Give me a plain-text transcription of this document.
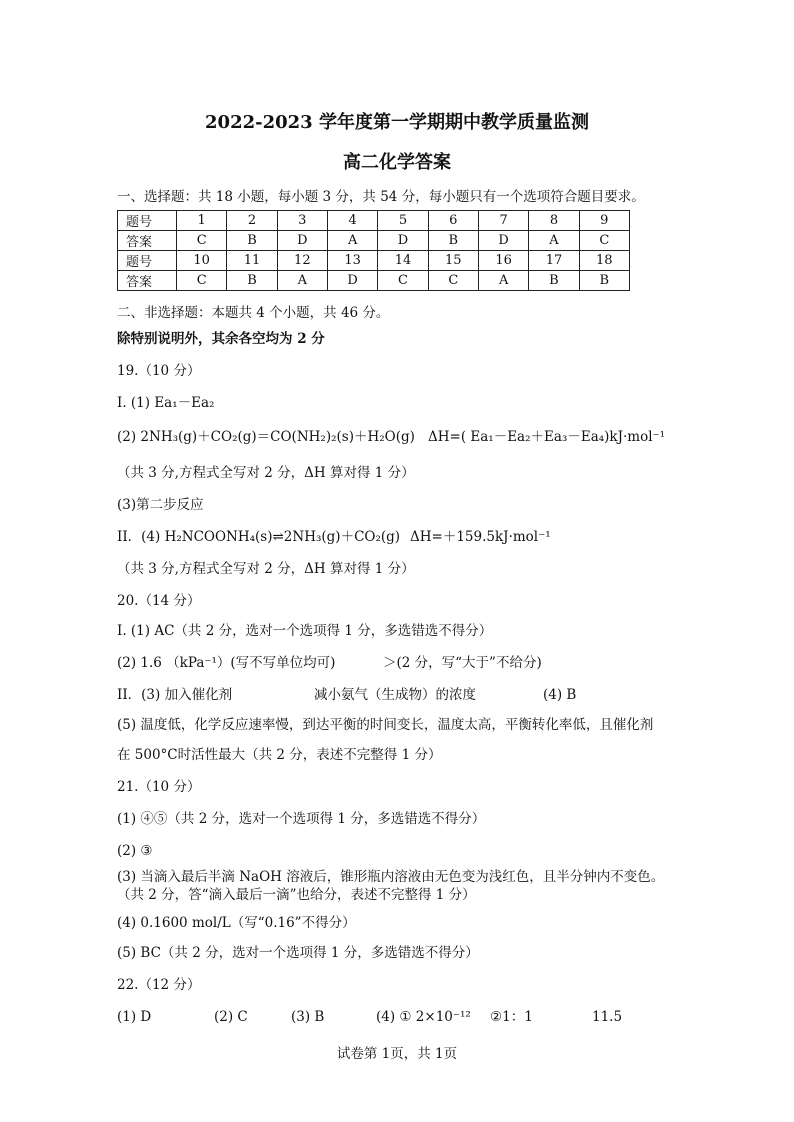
2022-2023 学年度第一学期期中教学质量监测
高二化学答案
一、选择题：共 18 小题，每小题 3 分，共 54 分，每小题只有一个选项符合题目要求。
题号	1	2	3	4	5	6	7	8	9
答案	C	B	D	A	D	B	D	A	C
题号	10	11	12	13	14	15	16	17	18
答案	C	B	A	D	C	C	A	B	B
二、非选择题：本题共 4 个小题，共 46 分。
除特别说明外，其余各空均为 2 分
19.（10 分）
I. (1) Ea₁－Ea₂
(2) 2NH₃(g)＋CO₂(g)＝CO(NH₂)₂(s)＋H₂O(g) ΔH=( Ea₁－Ea₂＋Ea₃－Ea₄)kJ·mol⁻¹
（共 3 分,方程式全写对 2 分，ΔH 算对得 1 分）
(3)第二步反应
II．(4) H₂NCOONH₄(s)⇌2NH₃(g)＋CO₂(g) ΔH=＋159.5kJ·mol⁻¹
（共 3 分,方程式全写对 2 分，ΔH 算对得 1 分）
20.（14 分）
I. (1) AC（共 2 分，选对一个选项得 1 分，多选错选不得分）
(2) 1.6 （kPa⁻¹）(写不写单位均可)	＞(2 分，写“大于”不给分)
II．(3) 加入催化剂	减小氨气（生成物）的浓度	(4) B
(5) 温度低，化学反应速率慢，到达平衡的时间变长，温度太高，平衡转化率低，且催化剂
在 500°C时活性最大（共 2 分，表述不完整得 1 分）
21.（10 分）
(1) ④⑤（共 2 分，选对一个选项得 1 分，多选错选不得分）
(2) ③
(3) 当滴入最后半滴 NaOH 溶液后，锥形瓶内溶液由无色变为浅红色，且半分钟内不变色。
（共 2 分，答“滴入最后一滴”也给分，表述不完整得 1 分）
(4) 0.1600 mol/L（写“0.16”不得分）
(5) BC（共 2 分，选对一个选项得 1 分，多选错选不得分）
22.（12 分）
(1) D	(2) C	(3) B	(4) ① 2×10⁻¹² ②1：1	11.5
试卷第 1页，共 1页
